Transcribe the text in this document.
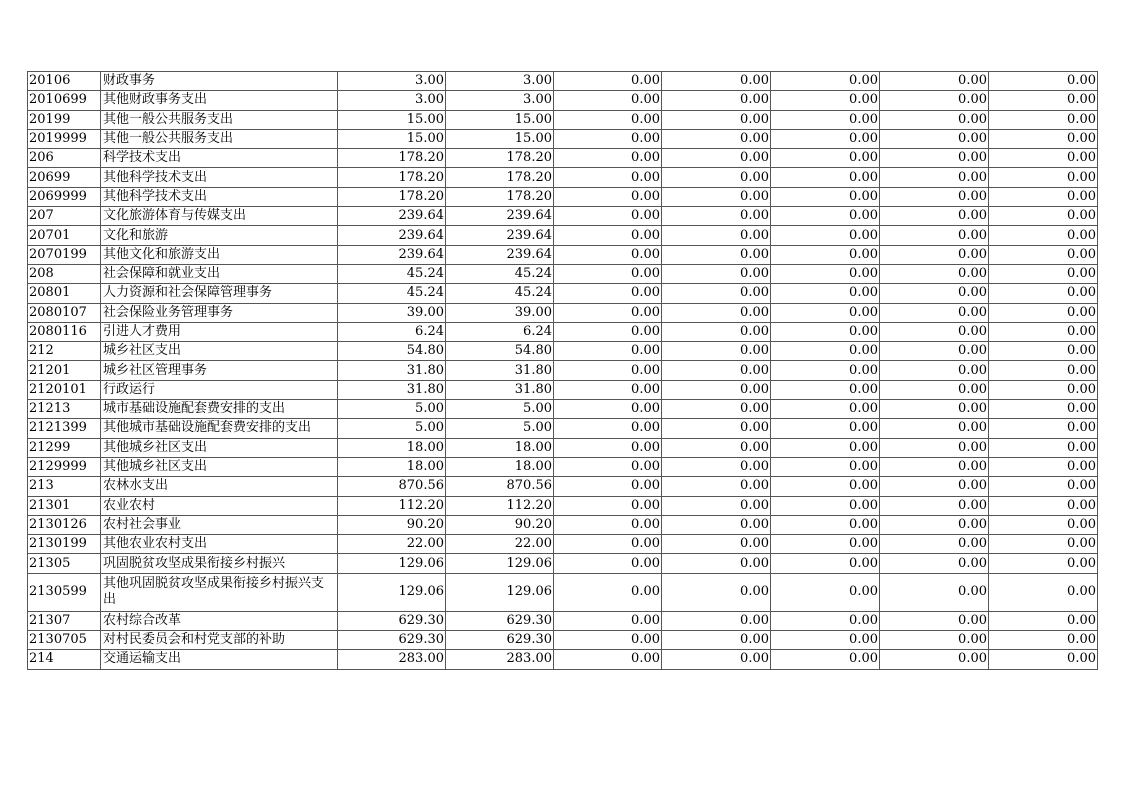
20106	财政事务	3.00	3.00	0.00	0.00	0.00	0.00	0.00
2010699	其他财政事务支出	3.00	3.00	0.00	0.00	0.00	0.00	0.00
20199	其他一般公共服务支出	15.00	15.00	0.00	0.00	0.00	0.00	0.00
2019999	其他一般公共服务支出	15.00	15.00	0.00	0.00	0.00	0.00	0.00
206	科学技术支出	178.20	178.20	0.00	0.00	0.00	0.00	0.00
20699	其他科学技术支出	178.20	178.20	0.00	0.00	0.00	0.00	0.00
2069999	其他科学技术支出	178.20	178.20	0.00	0.00	0.00	0.00	0.00
207	文化旅游体育与传媒支出	239.64	239.64	0.00	0.00	0.00	0.00	0.00
20701	文化和旅游	239.64	239.64	0.00	0.00	0.00	0.00	0.00
2070199	其他文化和旅游支出	239.64	239.64	0.00	0.00	0.00	0.00	0.00
208	社会保障和就业支出	45.24	45.24	0.00	0.00	0.00	0.00	0.00
20801	人力资源和社会保障管理事务	45.24	45.24	0.00	0.00	0.00	0.00	0.00
2080107	社会保险业务管理事务	39.00	39.00	0.00	0.00	0.00	0.00	0.00
2080116	引进人才费用	6.24	6.24	0.00	0.00	0.00	0.00	0.00
212	城乡社区支出	54.80	54.80	0.00	0.00	0.00	0.00	0.00
21201	城乡社区管理事务	31.80	31.80	0.00	0.00	0.00	0.00	0.00
2120101	行政运行	31.80	31.80	0.00	0.00	0.00	0.00	0.00
21213	城市基础设施配套费安排的支出	5.00	5.00	0.00	0.00	0.00	0.00	0.00
2121399	其他城市基础设施配套费安排的支出	5.00	5.00	0.00	0.00	0.00	0.00	0.00
21299	其他城乡社区支出	18.00	18.00	0.00	0.00	0.00	0.00	0.00
2129999	其他城乡社区支出	18.00	18.00	0.00	0.00	0.00	0.00	0.00
213	农林水支出	870.56	870.56	0.00	0.00	0.00	0.00	0.00
21301	农业农村	112.20	112.20	0.00	0.00	0.00	0.00	0.00
2130126	农村社会事业	90.20	90.20	0.00	0.00	0.00	0.00	0.00
2130199	其他农业农村支出	22.00	22.00	0.00	0.00	0.00	0.00	0.00
21305	巩固脱贫攻坚成果衔接乡村振兴	129.06	129.06	0.00	0.00	0.00	0.00	0.00
2130599	其他巩固脱贫攻坚成果衔接乡村振兴支出	129.06	129.06	0.00	0.00	0.00	0.00	0.00
21307	农村综合改革	629.30	629.30	0.00	0.00	0.00	0.00	0.00
2130705	对村民委员会和村党支部的补助	629.30	629.30	0.00	0.00	0.00	0.00	0.00
214	交通运输支出	283.00	283.00	0.00	0.00	0.00	0.00	0.00
